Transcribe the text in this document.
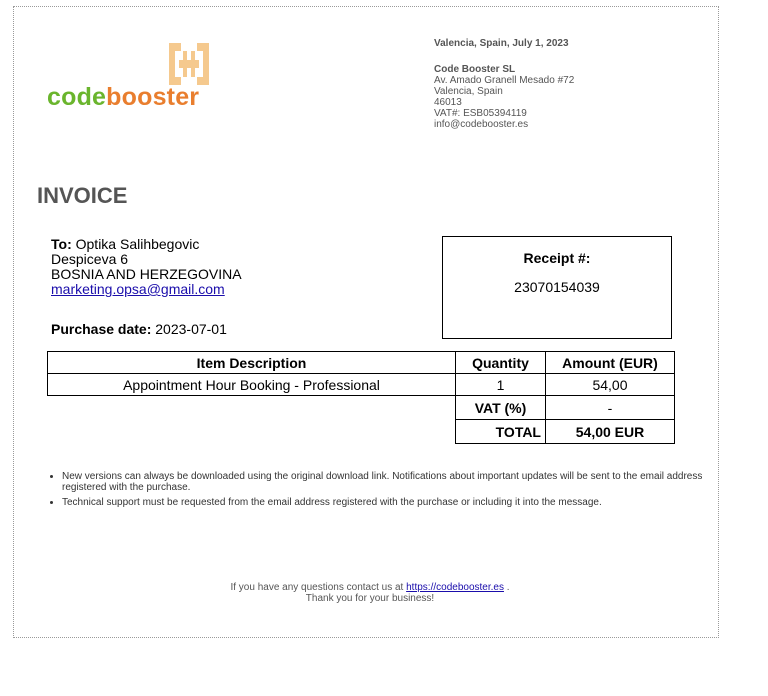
codebooster
Valencia, Spain, July 1, 2023
Code Booster SL
Av. Amado Granell Mesado #72
Valencia, Spain
46013
VAT#: ESB05394119
info@codebooster.es
INVOICE
To: Optika Salihbegovic
Despiceva 6
BOSNIA AND HERZEGOVINA
marketing.opsa@gmail.com
Purchase date: 2023-07-01
Receipt #:
23070154039
Item Description	Quantity	Amount (EUR)
Appointment Hour Booking - Professional	1	54,00
	VAT (%)	-
	TOTAL	54,00 EUR
• New versions can always be downloaded using the original download link. Notifications about important updates will be sent to the email address registered with the purchase.
• Technical support must be requested from the email address registered with the purchase or including it into the message.
If you have any questions contact us at https://codebooster.es .
Thank you for your business!
